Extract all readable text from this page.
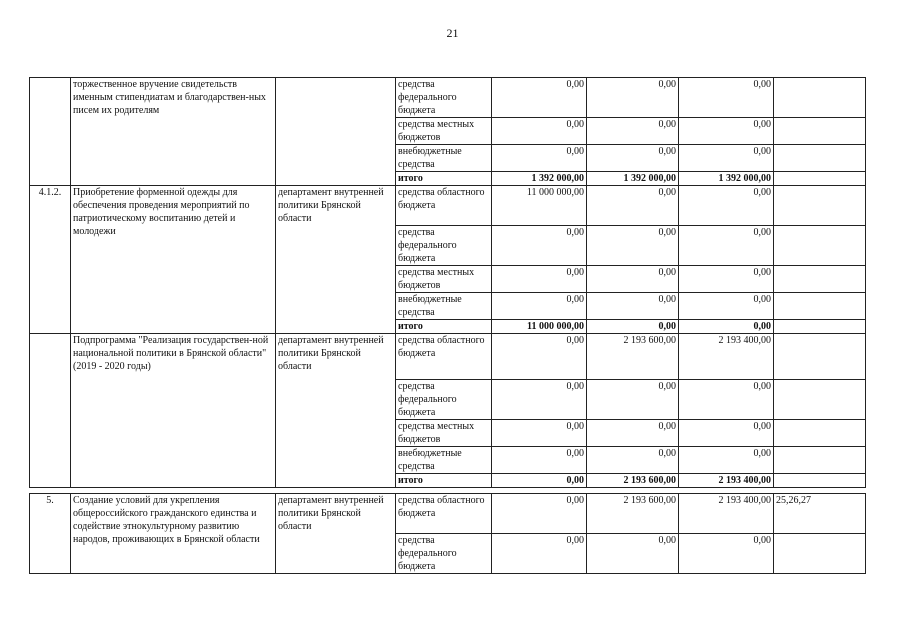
21
	торжественное вручение свидетельств именным стипендиатам и благодарствен-ных писем их родителям		средства федерального бюджета	0,00	0,00	0,00	
			средства местных бюджетов	0,00	0,00	0,00	
			внебюджетные средства	0,00	0,00	0,00	
			итого	1 392 000,00	1 392 000,00	1 392 000,00	
4.1.2.	Приобретение форменной одежды для обеспечения проведения мероприятий по патриотическому воспитанию детей и молодежи	департамент внутренней политики Брянской области	средства областного бюджета	11 000 000,00	0,00	0,00	
			средства федерального бюджета	0,00	0,00	0,00	
			средства местных бюджетов	0,00	0,00	0,00	
			внебюджетные средства	0,00	0,00	0,00	
			итого	11 000 000,00	0,00	0,00	
	Подпрограмма "Реализация государствен-ной национальной политики в Брянской области" (2019 - 2020 годы)	департамент внутренней политики Брянской области	средства областного бюджета	0,00	2 193 600,00	2 193 400,00	
			средства федерального бюджета	0,00	0,00	0,00	
			средства местных бюджетов	0,00	0,00	0,00	
			внебюджетные средства	0,00	0,00	0,00	
			итого	0,00	2 193 600,00	2 193 400,00	

5.	Создание условий для укрепления общероссийского гражданского единства и содействие этнокультурному развитию народов, проживающих в Брянской области	департамент внутренней политики Брянской области	средства областного бюджета	0,00	2 193 600,00	2 193 400,00	25,26,27
			средства федерального бюджета	0,00	0,00	0,00	
